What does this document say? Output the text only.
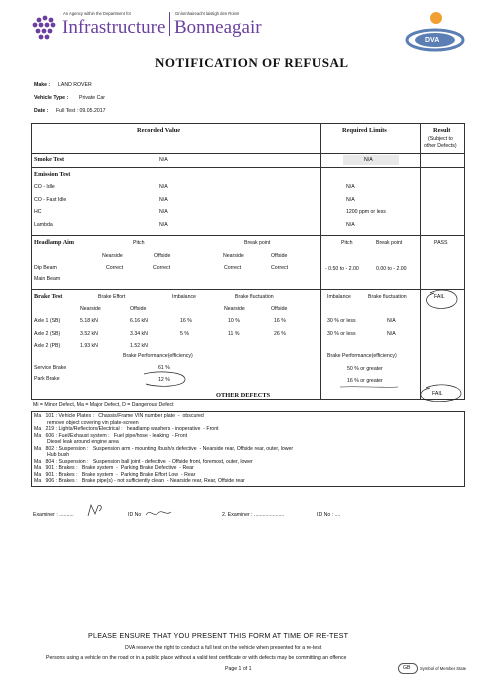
An Agency within the Department for
Infrastructure
Gníomhaireacht laistigh den Roinn
Bonneagair
DVA
NOTIFICATION OF REFUSAL
Make : LAND ROVER
Vehicle Type : Private Car
Date : Full Test : 09.05.2017
Recorded Value	Required Limits	Result
(Subject to
other Defects)
Smoke Test	N/A	N/A
Emission Test
CO - Idle	N/A	N/A
CO - Fast Idle	N/A	N/A
HC	N/A	1200 ppm or less
Lambda	N/A	N/A
Headlamp Aim	Pitch	Break point	Pitch	Break point	PASS
Nearside	Offside	Nearside	Offside
Dip Beam	Correct	Correct	Correct	Correct	- 0.50 to - 2.00	0.00 to - 2.00
Main Beam
Brake Test	Brake Effort	Imbalance	Brake fluctuation	Imbalance	Brake fluctuation	FAIL
Nearside	Offside	Nearside	Offside
Axle 1 (SB)	5.18 kN	6.16 kN	16 %	10 %	16 %	30 % or less	N/A
Axle 2 (SB)	3.52 kN	3.34 kN	5 %	11 %	26 %	30 % or less	N/A
Axle 2 (PB)	1.93 kN	1.52 kN
Brake Performance(efficiency)	Brake Performance(efficiency)
Service Brake	61 %	50 % or greater
Park Brake	12 %	16 % or greater
FAIL
OTHER DEFECTS
Mi = Minor Defect, Ma = Major Defect, D = Dangerous Defect
Ma   101 : Vehicle Plates :   Chassis/Frame VIN number plate  -  obscured
remove object covering vin plate-screen
Ma   219 : Lights/Reflectors/Electrical :   headlamp washers - inoperative  - Front
Ma   606 : Fuel/Exhaust system :   Fuel pipe/hose - leaking  - Front
Diesel leak around engine area
Ma   802 : Suspension :   Suspension arm - mounting /bush/s defective  - Nearside rear, Offside rear, outer, lower
Hub bush
Ma   804 : Suspension :   Suspension ball joint - defective  - Offside front, foremost, outer, lower
Ma   901 : Brakes :   Brake system  -  Parking Brake Defective  - Rear
Ma   901 : Brakes :   Brake system  -  Parking Brake Effort Low  - Rear
Ma   906 : Brakes :   Brake pipe(s) - not sufficiently clean  - Nearside rear, Rear, Offside rear
Examiner : ..........	ID No	2. Examiner : .....................	ID No : ....
PLEASE ENSURE THAT YOU PRESENT THIS FORM AT TIME OF RE-TEST
DVA reserve the right to conduct a full test on the vehicle when presented for a re-test
Persons using a vehicle on the road or in a public place without a valid test certificate or with defects may be committing an offence
Page 1 of 1	GB Symbol of Member State
